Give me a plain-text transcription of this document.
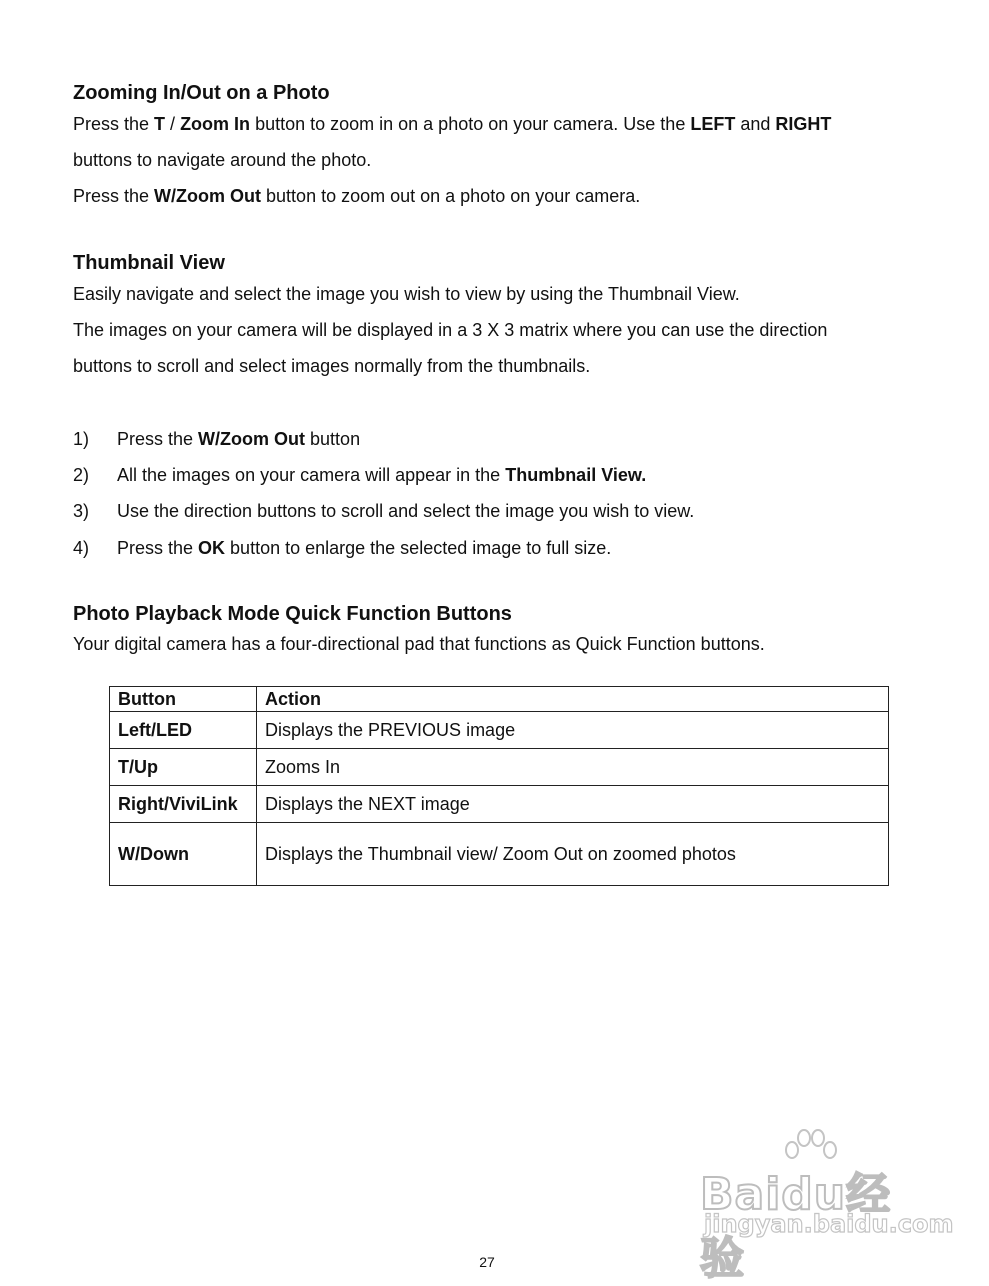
Zooming In/Out on a Photo

Press the T / Zoom In button to zoom in on a photo on your camera. Use the LEFT and RIGHT

buttons to navigate around the photo.

Press the W/Zoom Out button to zoom out on a photo on your camera.

Thumbnail View

Easily navigate and select the image you wish to view by using the Thumbnail View.

The images on your camera will be displayed in a 3 X 3 matrix where you can use the direction

buttons to scroll and select images normally from the thumbnails.

1) Press the W/Zoom Out button
2) All the images on your camera will appear in the Thumbnail View.
3) Use the direction buttons to scroll and select the image you wish to view.
4) Press the OK button to enlarge the selected image to full size.
Photo Playback Mode Quick Function Buttons

Your digital camera has a four-directional pad that functions as Quick Function buttons.

Button	Action
Left/LED	Displays the PREVIOUS image
T/Up	Zooms In
Right/ViviLink	Displays the NEXT image
W/Down	Displays the Thumbnail view/ Zoom Out on zoomed photos
Baidu经验
jingyan.baidu.com
27
